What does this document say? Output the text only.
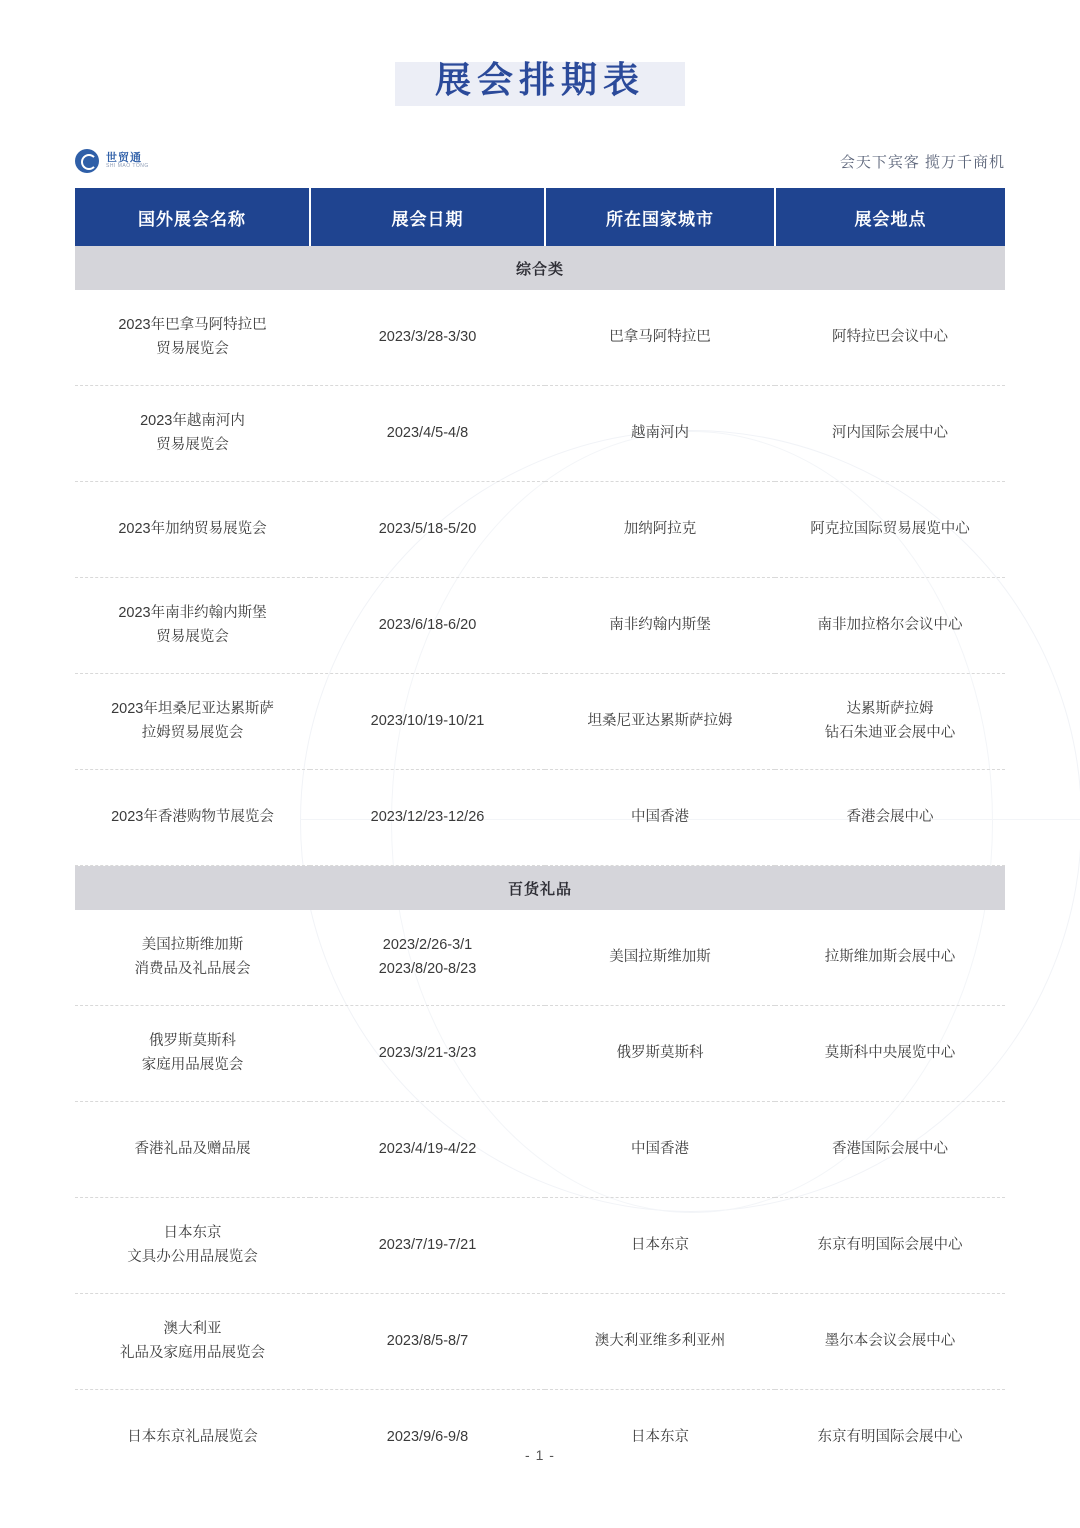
展会排期表
世贸通
SHI MAO TONG	会天下宾客 揽万千商机
国外展会名称	展会日期	所在国家城市	展会地点
综合类			
2023年巴拿马阿特拉巴
贸易展览会	2023/3/28-3/30	巴拿马阿特拉巴	阿特拉巴会议中心
2023年越南河内
贸易展览会	2023/4/5-4/8	越南河内	河内国际会展中心
2023年加纳贸易展览会	2023/5/18-5/20	加纳阿拉克	阿克拉国际贸易展览中心
2023年南非约翰内斯堡
贸易展览会	2023/6/18-6/20	南非约翰内斯堡	南非加拉格尔会议中心
2023年坦桑尼亚达累斯萨
拉姆贸易展览会	2023/10/19-10/21	坦桑尼亚达累斯萨拉姆	达累斯萨拉姆
钻石朱迪亚会展中心
2023年香港购物节展览会	2023/12/23-12/26	中国香港	香港会展中心
百货礼品			
美国拉斯维加斯
消费品及礼品展会	2023/2/26-3/1
2023/8/20-8/23	美国拉斯维加斯	拉斯维加斯会展中心
俄罗斯莫斯科
家庭用品展览会	2023/3/21-3/23	俄罗斯莫斯科	莫斯科中央展览中心
香港礼品及赠品展	2023/4/19-4/22	中国香港	香港国际会展中心
日本东京
文具办公用品展览会	2023/7/19-7/21	日本东京	东京有明国际会展中心
澳大利亚
礼品及家庭用品展览会	2023/8/5-8/7	澳大利亚维多利亚州	墨尔本会议会展中心
日本东京礼品展览会	2023/9/6-9/8	日本东京	东京有明国际会展中心
- 1 -
